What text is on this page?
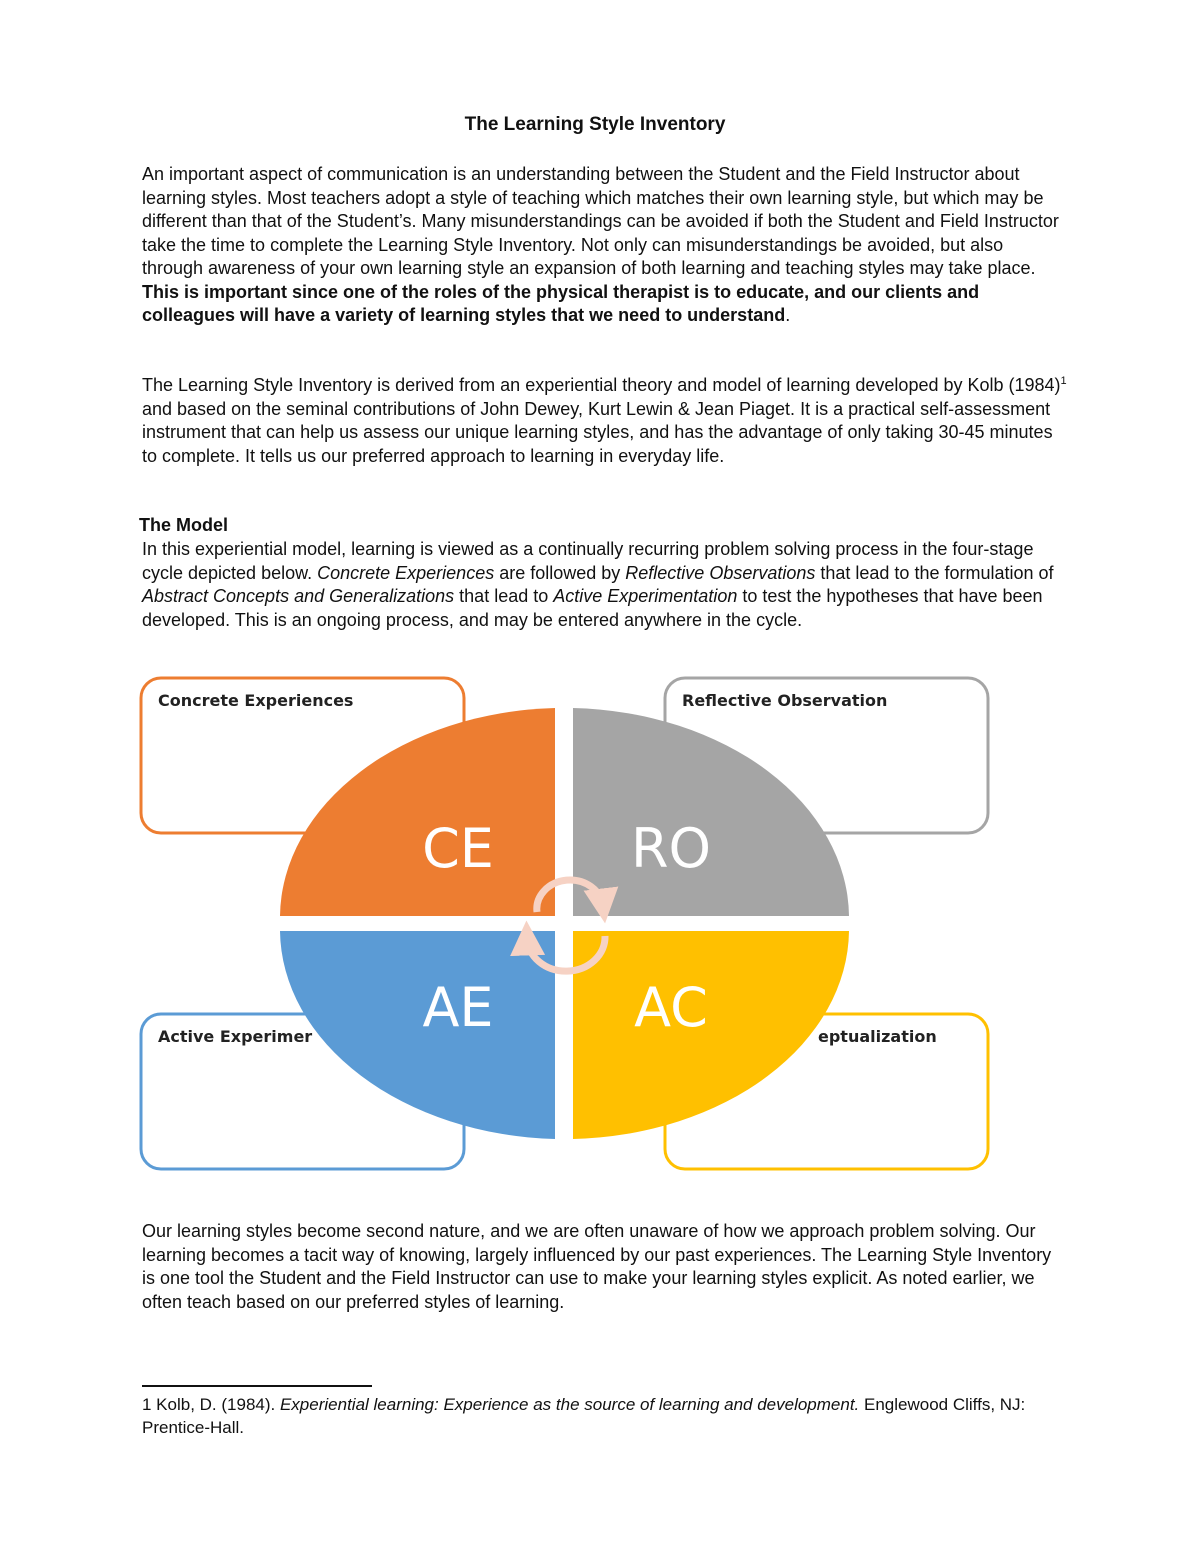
The Learning Style Inventory

An important aspect of communication is an understanding between the Student and the Field Instructor about learning styles. Most teachers adopt a style of teaching which matches their own learning style, but which may be different than that of the Student’s. Many misunderstandings can be avoided if both the Student and Field Instructor take the time to complete the Learning Style Inventory. Not only can misunderstandings be avoided, but also through awareness of your own learning style an expansion of both learning and teaching styles may take place. This is important since one of the roles of the physical therapist is to educate, and our clients and colleagues will have a variety of learning styles that we need to understand.

The Learning Style Inventory is derived from an experiential theory and model of learning developed by Kolb $(1984)^1$ and based on the seminal contributions of John Dewey, Kurt Lewin & Jean Piaget. It is a practical self-assessment instrument that can help us assess our unique learning styles, and has the advantage of only taking 30-45 minutes to complete. It tells us our preferred approach to learning in everyday life.

The Model

In this experiential model, learning is viewed as a continually recurring problem solving process in the four-stage cycle depicted below. Concrete Experiences are followed by Reflective Observations that lead to the formulation of Abstract Concepts and Generalizations that lead to Active Experimentation to test the hypotheses that have been developed. This is an ongoing process, and may be entered anywhere in the cycle.

Concrete Experiences	Reflective Observation
Active Experimer	eptualization
CE	RO
AE	AC

Our learning styles become second nature, and we are often unaware of how we approach problem solving. Our learning becomes a tacit way of knowing, largely influenced by our past experiences. The Learning Style Inventory is one tool the Student and the Field Instructor can use to make your learning styles explicit. As noted earlier, we often teach based on our preferred styles of learning.

1 Kolb, D. (1984). Experiential learning: Experience as the source of learning and development. Englewood Cliffs, NJ: Prentice-Hall.
